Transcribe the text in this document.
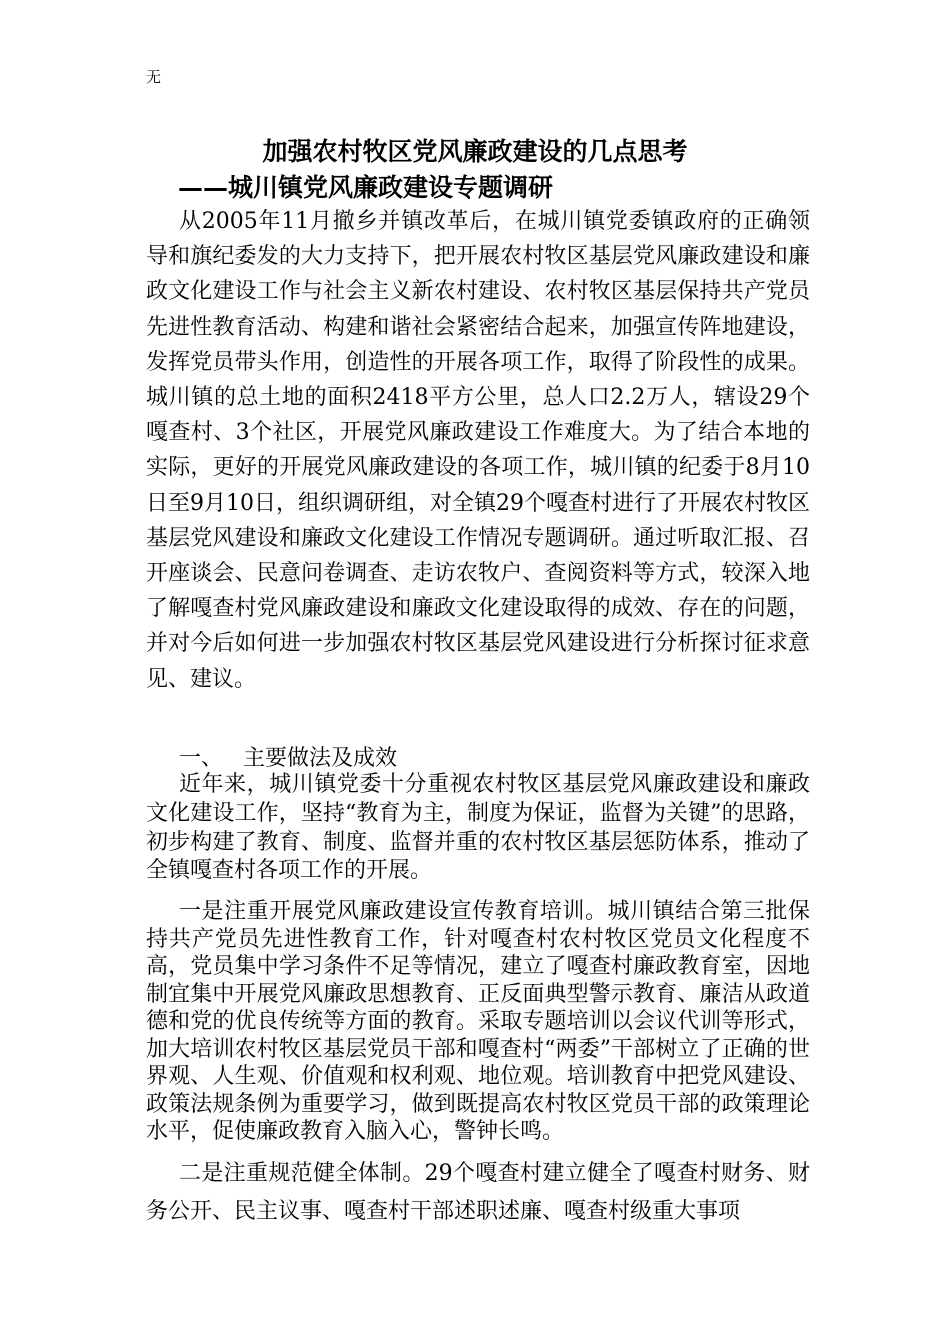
无
加强农村牧区党风廉政建设的几点思考
——城川镇党风廉政建设专题调研
从2005年11月撤乡并镇改革后，在城川镇党委镇政府的正确领导和旗纪委发的大力支持下，把开展农村牧区基层党风廉政建设和廉政文化建设工作与社会主义新农村建设、农村牧区基层保持共产党员先进性教育活动、构建和谐社会紧密结合起来，加强宣传阵地建设，发挥党员带头作用，创造性的开展各项工作，取得了阶段性的成果。城川镇的总土地的面积2418平方公里，总人口2.2万人，辖设29个嘎查村、3个社区，开展党风廉政建设工作难度大。为了结合本地的实际，更好的开展党风廉政建设的各项工作，城川镇的纪委于8月10日至9月10日，组织调研组，对全镇29个嘎查村进行了开展农村牧区基层党风建设和廉政文化建设工作情况专题调研。通过听取汇报、召开座谈会、民意问卷调查、走访农牧户、查阅资料等方式，较深入地了解嘎查村党风廉政建设和廉政文化建设取得的成效、存在的问题，并对今后如何进一步加强农村牧区基层党风建设进行分析探讨征求意见、建议。
一、 主要做法及成效
近年来，城川镇党委十分重视农村牧区基层党风廉政建设和廉政文化建设工作，坚持“教育为主，制度为保证，监督为关键”的思路，初步构建了教育、制度、监督并重的农村牧区基层惩防体系，推动了全镇嘎查村各项工作的开展。
一是注重开展党风廉政建设宣传教育培训。城川镇结合第三批保持共产党员先进性教育工作，针对嘎查村农村牧区党员文化程度不高，党员集中学习条件不足等情况，建立了嘎查村廉政教育室，因地制宜集中开展党风廉政思想教育、正反面典型警示教育、廉洁从政道德和党的优良传统等方面的教育。采取专题培训以会议代训等形式，加大培训农村牧区基层党员干部和嘎查村“两委”干部树立了正确的世界观、人生观、价值观和权利观、地位观。培训教育中把党风建设、政策法规条例为重要学习，做到既提高农村牧区党员干部的政策理论水平，促使廉政教育入脑入心，警钟长鸣。
二是注重规范健全体制。29个嘎查村建立健全了嘎查村财务、财务公开、民主议事、嘎查村干部述职述廉、嘎查村级重大事项
